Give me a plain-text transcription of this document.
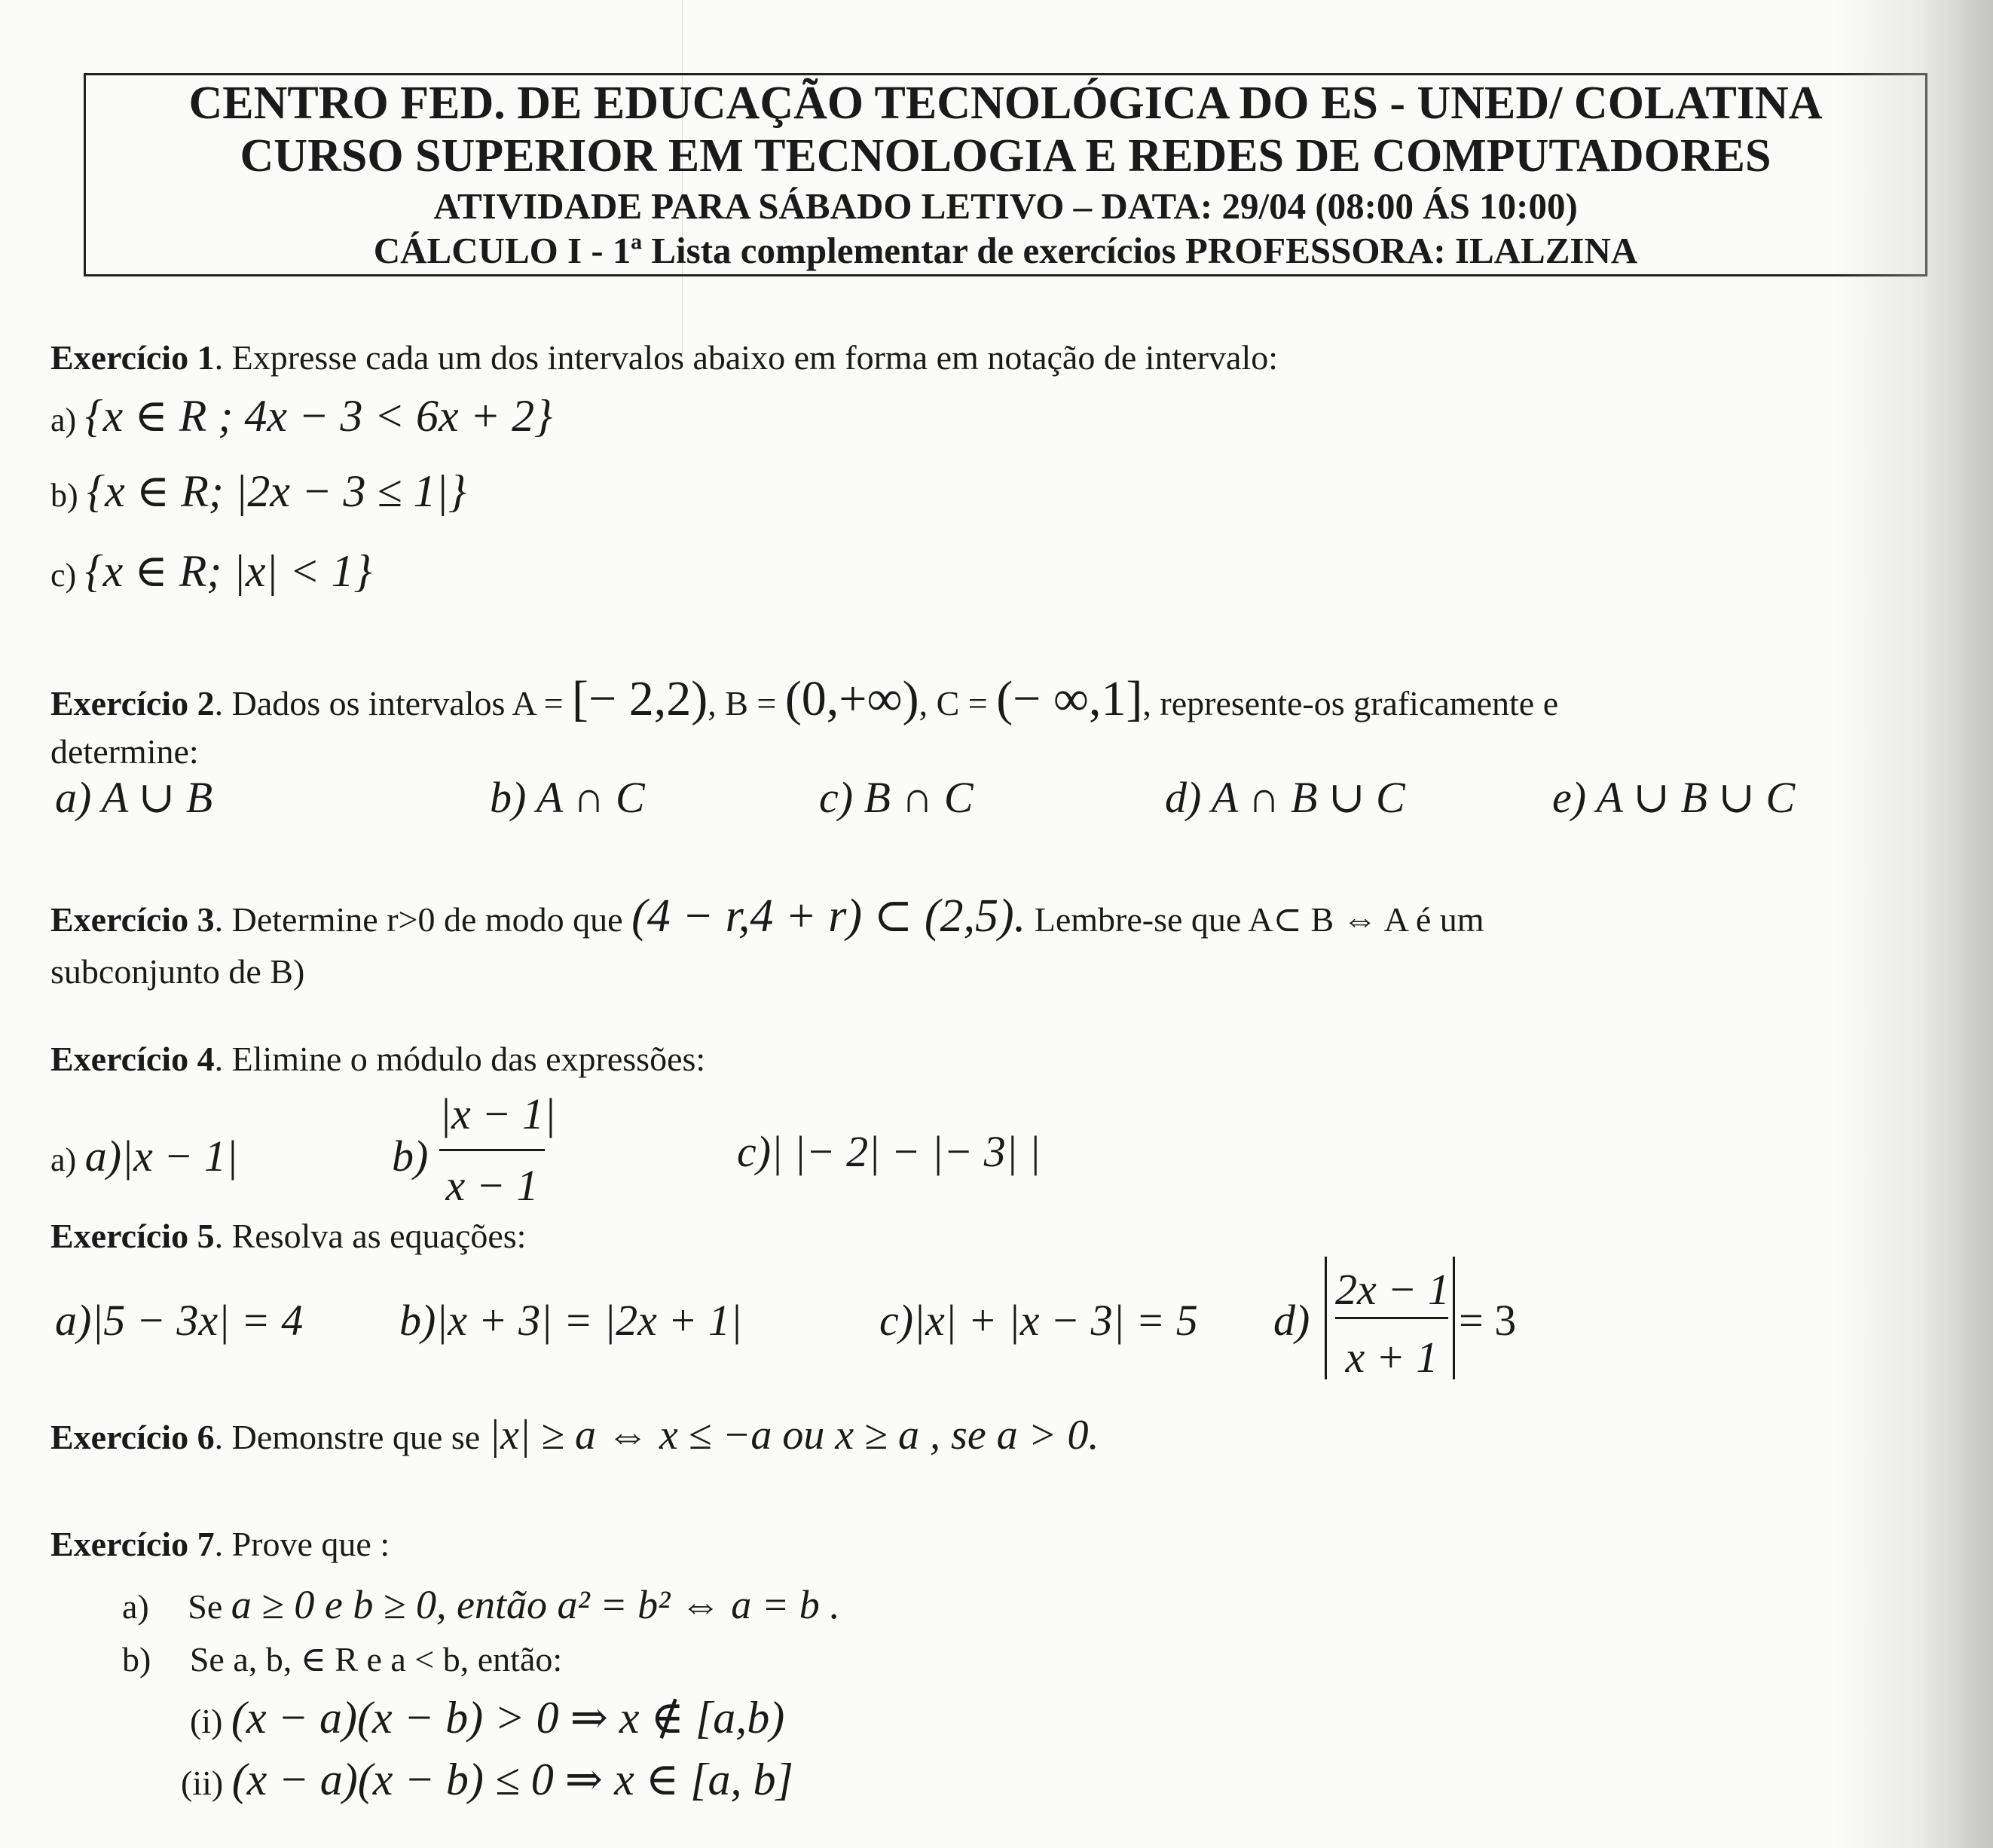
CENTRO FED. DE EDUCAÇÃO TECNOLÓGICA DO ES - UNED/ COLATINA
CURSO SUPERIOR EM TECNOLOGIA E REDES DE COMPUTADORES
ATIVIDADE PARA SÁBADO LETIVO – DATA: 29/04 (08:00 ÁS 10:00)
CÁLCULO I - 1ª Lista complementar de exercícios PROFESSORA: ILALZINA
Exercício 1. Expresse cada um dos intervalos abaixo em forma em notação de intervalo:
a) {x ∈ R ; 4x − 3 < 6x + 2}
b) {x ∈ R; |2x − 3 ≤ 1|}
c) {x ∈ R; |x| < 1}
Exercício 2. Dados os intervalos A = [− 2,2), B = (0,+∞), C = (− ∞,1], represente-os graficamente e
determine:
a) A ∪ B	b) A ∩ C	c) B ∩ C	d) A ∩ B ∪ C	e) A ∪ B ∪ C
Exercício 3. Determine r>0 de modo que (4 − r,4 + r) ⊂ (2,5). Lembre-se que A⊂ B ⇔ A é um
subconjunto de B)
Exercício 4. Elimine o módulo das expressões:
a) a)|x − 1|	b)
|x − 1|
x − 1
c)| |− 2| − |− 3| |
Exercício 5. Resolva as equações:
a)|5 − 3x| = 4 b)|x + 3| = |2x + 1|	c)|x| + |x − 3| = 5 d)
2x − 1
x + 1
= 3
Exercício 6. Demonstre que se |x| ≥ a ⇔ x ≤ −a ou x ≥ a , se a > 0.
Exercício 7. Prove que :
a) Se a ≥ 0 e b ≥ 0, então a² = b² ⇔ a = b .
b) Se a, b, ∈ R e a < b, então:
(i) (x − a)(x − b) > 0 ⇒ x ∉ [a,b)
(ii) (x − a)(x − b) ≤ 0 ⇒ x ∈ [a, b]
